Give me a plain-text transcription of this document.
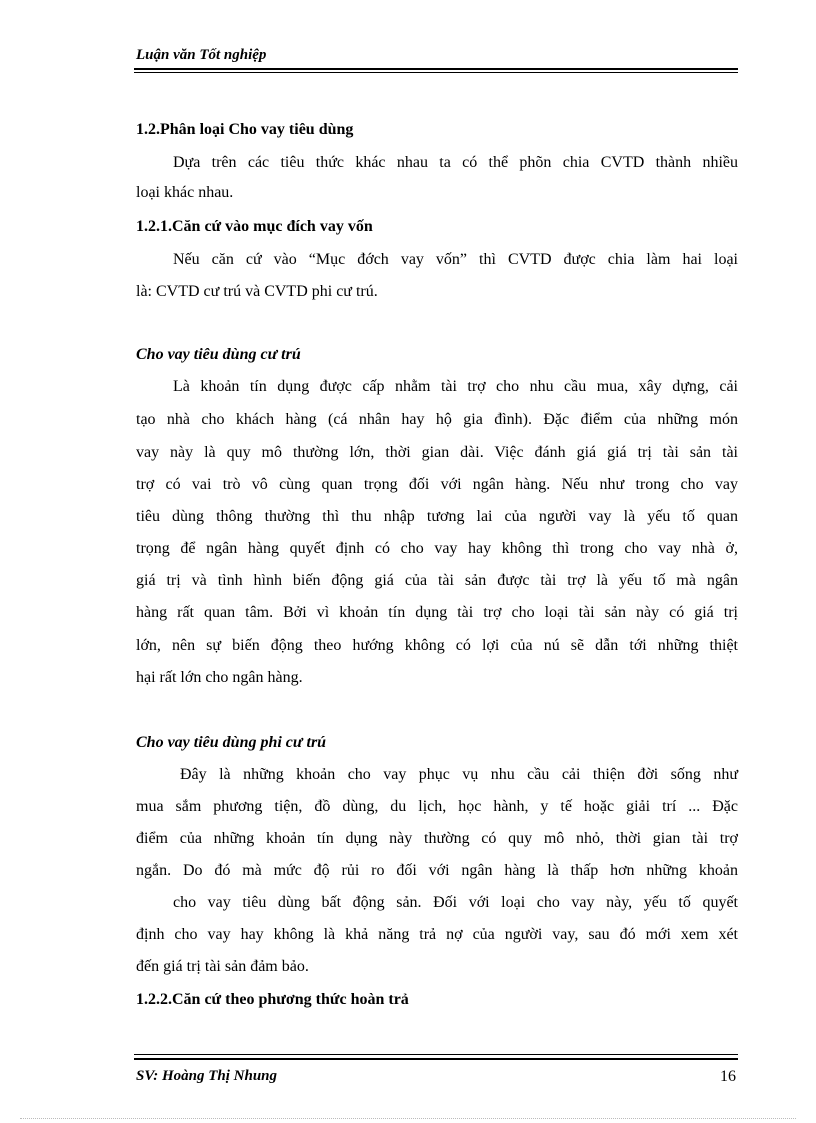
Luận văn Tốt nghiệp
1.2.Phân loại Cho vay tiêu dùng
Dựa trên các tiêu thức khác nhau ta có thể phõn chia CVTD thành nhiều
loại khác nhau.
1.2.1.Căn cứ vào mục đích vay vốn
Nếu căn cứ vào “Mục đớch vay vốn” thì CVTD được chia làm hai loại
là: CVTD cư trú và CVTD phi cư trú.
Cho vay tiêu dùng cư trú
Là khoản tín dụng được cấp nhằm tài trợ cho nhu cầu mua, xây dựng, cải
tạo nhà cho khách hàng (cá nhân hay hộ gia đình). Đặc điểm của những món
vay này là quy mô thường lớn, thời gian dài. Việc đánh giá giá trị tài sản tài
trợ có vai trò vô cùng quan trọng đối với ngân hàng. Nếu như trong cho vay
tiêu dùng thông thường thì thu nhập tương lai của người vay là yếu tố quan
trọng để ngân hàng quyết định có cho vay hay không thì trong cho vay nhà ở,
giá trị và tình hình biến động giá của tài sản được tài trợ là yếu tố mà ngân
hàng rất quan tâm. Bởi vì khoản tín dụng tài trợ cho loại tài sản này có giá trị
lớn, nên sự biến động theo hướng không có lợi của nú sẽ dẫn tới những thiệt
hại rất lớn cho ngân hàng.
Cho vay tiêu dùng phi cư trú
Đây là những khoản cho vay phục vụ nhu cầu cải thiện đời sống như
mua sắm phương tiện, đồ dùng, du lịch, học hành, y tế hoặc giải trí ... Đặc
điểm của những khoản tín dụng này thường có quy mô nhỏ, thời gian tài trợ
ngắn. Do đó mà mức độ rủi ro đối với ngân hàng là thấp hơn những khoản
cho vay tiêu dùng bất động sản. Đối với loại cho vay này, yếu tố quyết
định cho vay hay không là khả năng trả nợ của người vay, sau đó mới xem xét
đến giá trị tài sản đảm bảo.
1.2.2.Căn cứ theo phương thức hoàn trả
SV: Hoàng Thị Nhung	16
